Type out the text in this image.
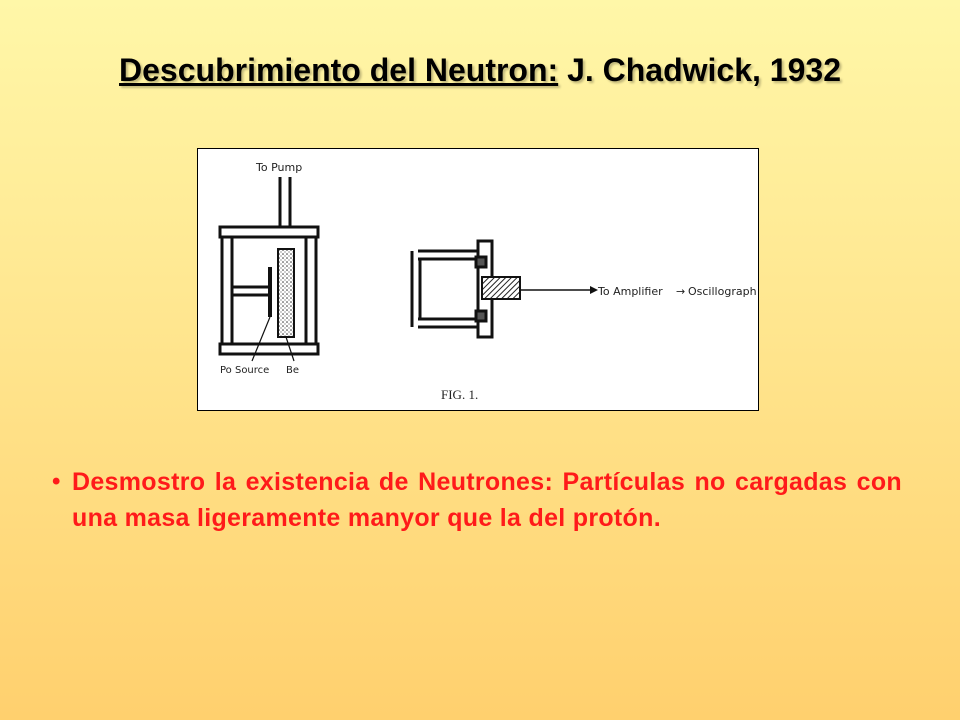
Descubrimiento del Neutron: J. Chadwick, 1932
To Pump
Po Source Be
To Amplifier → Oscillograph
FIG. 1.
• Desmostro la existencia de Neutrones: Partículas no cargadas con una masa ligeramente manyor que la del protón.
